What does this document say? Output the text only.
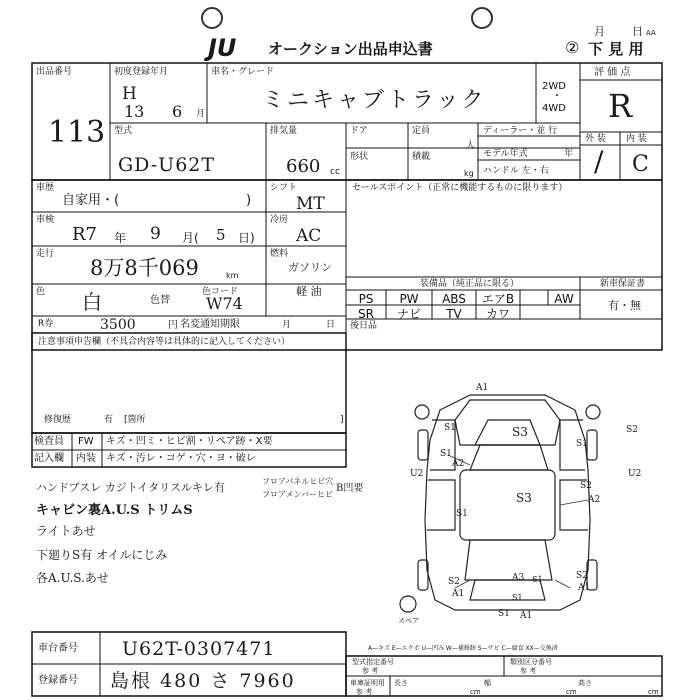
JU オークション出品申込書
月 日 AA
② 下 見 用
出品番号
113
初度登録年月
H
13 6 月
車名・グレード
ミニキャブトラック
2WD
・
4WD
評 価 点
R
外 装 内 装
/ C
型式
GD-U62T
排気量
660 cc
ドア	定員
人
形状	積載
kg
ディーラー・並 行
モデル年式	年
ハンドル 左・右
車歴
自家用・(	)
シフト
MT
セールスポイント（正常に機能するものに限ります）
車検
R7 年 9 月( 5 日)
冷房
AC
走行
8万8千069	km
燃料
ガソリン
軽 油
色 白	色替
色コード
W74
装備品（純正品に限る）	新車保証書
有・無
PS	PW	ABS	エアB	AW
SR	ナビ	TV	カワ
R券	3500	円 名変通知期限	月	日 後日品
注意事項申告欄（不具合内容等は具体的に記入してください）
修復歴	有 [箇所	]
検査員
記入欄
FW キズ・凹ミ・ヒビ割・リペア跡・X要
内装 キズ・汚レ・コゲ・穴・ヨ・破レ
ハンドブスレ カジトイタリスルキレ有	フロアパネルヒビ穴
フロアメンバーヒビ
B凹要
キャビン裏A.U.S トリムS
ライトあせ
下廻りS有 オイルにじみ
各A.U.S.あせ
A1
S1	S3
S1
A2
U2	U2
S3
S2
A2
S1
S2
A1
A3 S1	S2
A1
S1
S1 A1
S2
S1
スペア
車台番号 U62T-0307471
登録番号 島根 480 さ 7960
A—キズ E—エクボ U—凹み W—補修跡 S—サビ C—腐食 XX—交換済
型式指定番号
参 考
類別区分番号
参 考
車庫証明用
参 考
長さ
cm
幅
cm
高さ
cm
